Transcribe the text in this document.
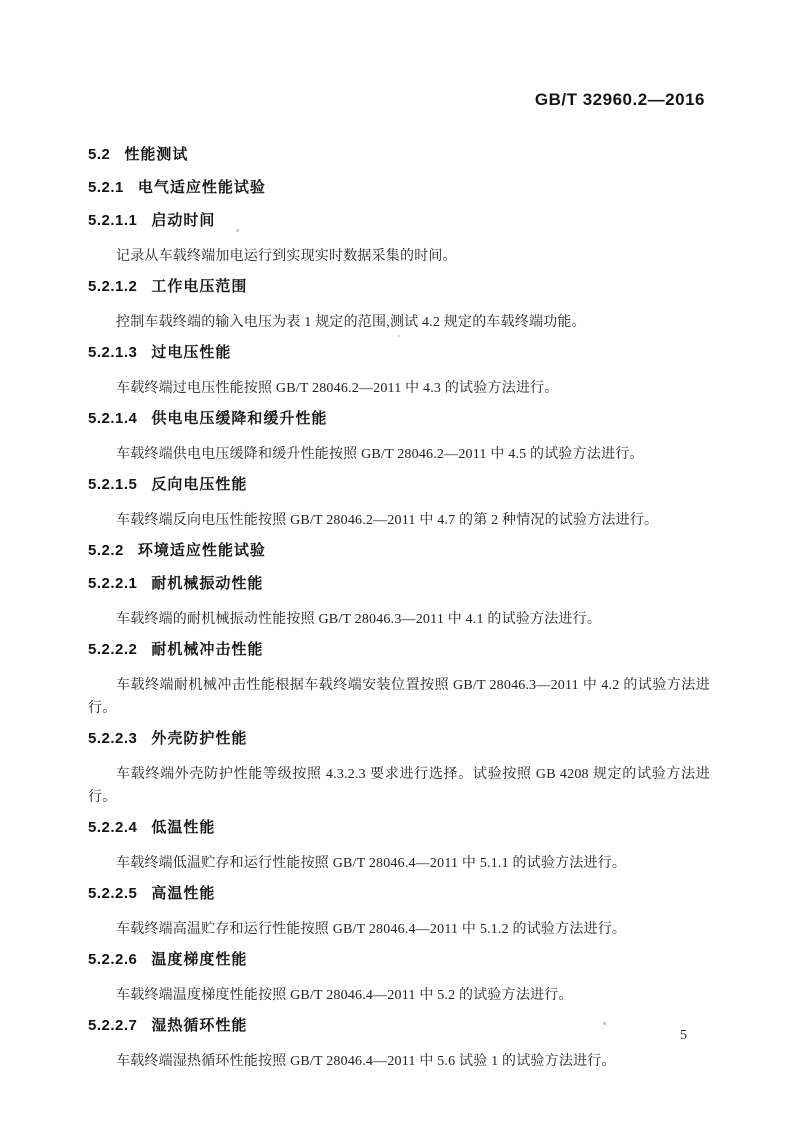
GB/T 32960.2—2016
5.2 性能测试
5.2.1 电气适应性能试验
5.2.1.1 启动时间

记录从车载终端加电运行到实现实时数据采集的时间。

5.2.1.2 工作电压范围

控制车载终端的输入电压为表 1 规定的范围,测试 4.2 规定的车载终端功能。

5.2.1.3 过电压性能

车载终端过电压性能按照 GB/T 28046.2—2011 中 4.3 的试验方法进行。

5.2.1.4 供电电压缓降和缓升性能

车载终端供电电压缓降和缓升性能按照 GB/T 28046.2—2011 中 4.5 的试验方法进行。

5.2.1.5 反向电压性能

车载终端反向电压性能按照 GB/T 28046.2—2011 中 4.7 的第 2 种情况的试验方法进行。

5.2.2 环境适应性能试验
5.2.2.1 耐机械振动性能

车载终端的耐机械振动性能按照 GB/T 28046.3—2011 中 4.1 的试验方法进行。

5.2.2.2 耐机械冲击性能

车载终端耐机械冲击性能根据车载终端安装位置按照 GB/T 28046.3—2011 中 4.2 的试验方法进行。

5.2.2.3 外壳防护性能

车载终端外壳防护性能等级按照 4.3.2.3 要求进行选择。试验按照 GB 4208 规定的试验方法进行。

5.2.2.4 低温性能

车载终端低温贮存和运行性能按照 GB/T 28046.4—2011 中 5.1.1 的试验方法进行。

5.2.2.5 高温性能

车载终端高温贮存和运行性能按照 GB/T 28046.4—2011 中 5.1.2 的试验方法进行。

5.2.2.6 温度梯度性能

车载终端温度梯度性能按照 GB/T 28046.4—2011 中 5.2 的试验方法进行。

5.2.2.7 湿热循环性能

车载终端湿热循环性能按照 GB/T 28046.4—2011 中 5.6 试验 1 的试验方法进行。

5
